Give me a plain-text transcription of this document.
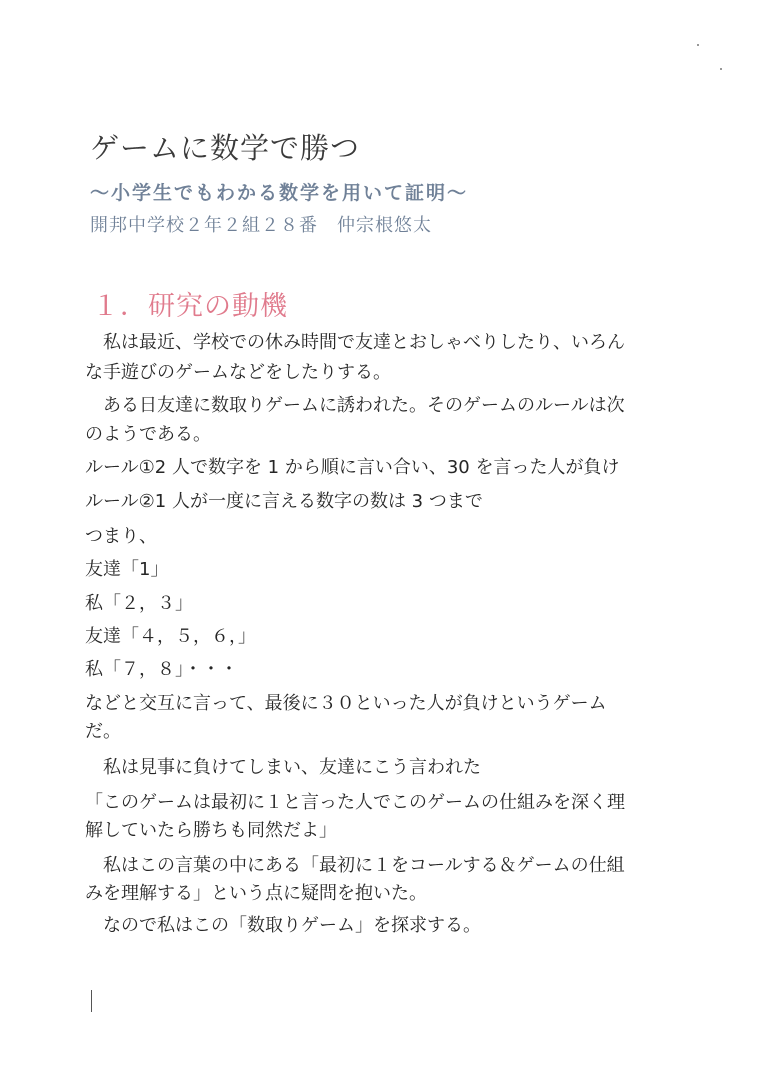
ゲームに数学で勝つ
〜小学生でもわかる数学を用いて証明〜
開邦中学校２年２組２８番　仲宗根悠太
１．研究の動機
私は最近、学校での休み時間で友達とおしゃべりしたり、いろん
な手遊びのゲームなどをしたりする。
ある日友達に数取りゲームに誘われた。そのゲームのルールは次
のようである。
ルール①2 人で数字を 1 から順に言い合い、30 を言った人が負け
ルール②1 人が一度に言える数字の数は 3 つまで
つまり、
友達「1」
私「２，３」
友達「４，５，６，」
私「７，８」・・・
などと交互に言って、最後に３０といった人が負けというゲーム
だ。
私は見事に負けてしまい、友達にこう言われた
「このゲームは最初に１と言った人でこのゲームの仕組みを深く理
解していたら勝ちも同然だよ」
私はこの言葉の中にある「最初に１をコールする＆ゲームの仕組
みを理解する」という点に疑問を抱いた。
なので私はこの「数取りゲーム」を探求する。
